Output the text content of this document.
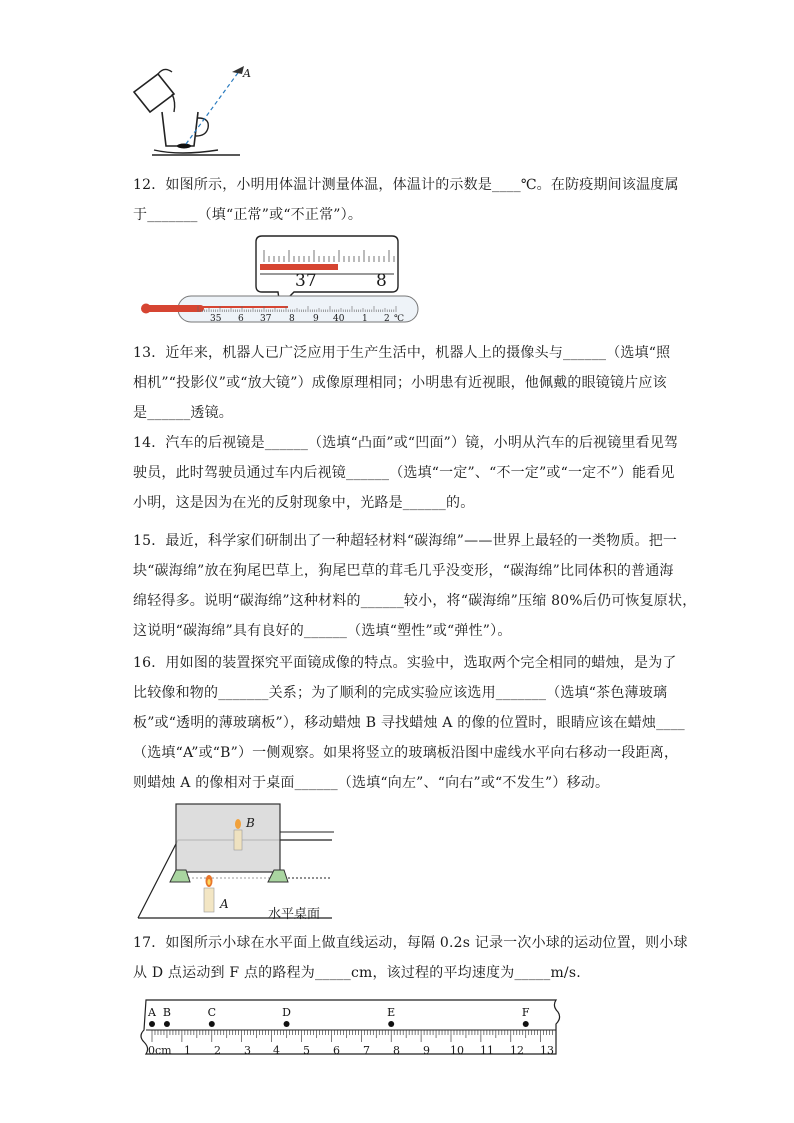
A
12．如图所示，小明用体温计测量体温，体温计的示数是____℃。在防疫期间该温度属
于_______（填“正常”或“不正常”）。
37	8
35 6 37 8 9 40 1 2 ℃
13．近年来，机器人已广泛应用于生产生活中，机器人上的摄像头与______（选填“照
相机”“投影仪”或“放大镜”）成像原理相同；小明患有近视眼，他佩戴的眼镜镜片应该
是______透镜。
14．汽车的后视镜是______（选填“凸面”或“凹面”）镜，小明从汽车的后视镜里看见驾
驶员，此时驾驶员通过车内后视镜______（选填“一定”、“不一定”或“一定不”）能看见
小明，这是因为在光的反射现象中，光路是______的。
15．最近，科学家们研制出了一种超轻材料“碳海绵”——世界上最轻的一类物质。把一
块“碳海绵”放在狗尾巴草上，狗尾巴草的茸毛几乎没变形，“碳海绵”比同体积的普通海
绵轻得多。说明“碳海绵”这种材料的______较小，将“碳海绵”压缩 80%后仍可恢复原状，
这说明“碳海绵”具有良好的______（选填“塑性”或“弹性”）。
16．用如图的装置探究平面镜成像的特点。实验中，选取两个完全相同的蜡烛，是为了
比较像和物的_______关系；为了顺利的完成实验应该选用_______（选填“茶色薄玻璃
板”或“透明的薄玻璃板”），移动蜡烛 B 寻找蜡烛 A 的像的位置时，眼睛应该在蜡烛____
（选填“A”或“B”）一侧观察。如果将竖立的玻璃板沿图中虚线水平向右移动一段距离，
则蜡烛 A 的像相对于桌面______（选填“向左”、“向右”或“不发生”）移动。
B
A
水平桌面
17．如图所示小球在水平面上做直线运动，每隔 0.2s 记录一次小球的运动位置，则小球
从 D 点运动到 F 点的路程为_____cm，该过程的平均速度为_____m/s.
A B	C	D	E	F
0cm 1 2 3 4 5 6 7 8 9 10 11 12 13
